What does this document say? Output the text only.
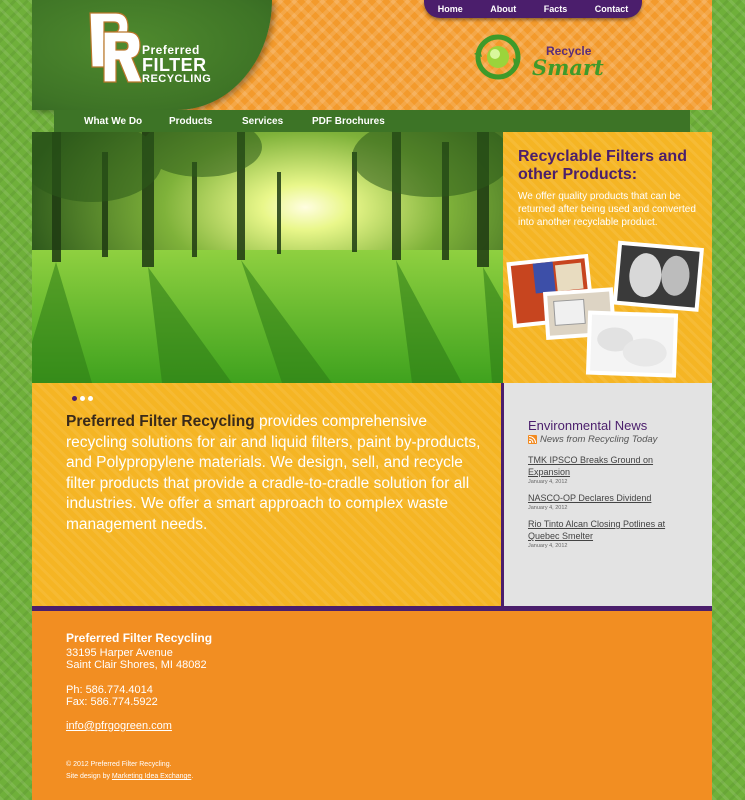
Preferred
FILTER
RECYCLING
Home	About	Facts	Contact
Recycle
Smart
What We Do	Products	Services	PDF Brochures
Recyclable Filters and other Products:
We offer quality products that can be returned after being used and converted into another recyclable product.
Preferred Filter Recycling provides comprehensive recycling solutions for air and liquid filters, paint by-products, and Polypropylene materials. We design, sell, and recycle filter products that provide a cradle-to-cradle solution for all industries. We offer a smart approach to complex waste management needs.
Environmental News
News from Recycling Today
TMK IPSCO Breaks Ground on Expansion
January 4, 2012
NASCO-OP Declares Dividend
January 4, 2012
Rio Tinto Alcan Closing Potlines at Quebec Smelter
January 4, 2012
Preferred Filter Recycling
33195 Harper Avenue
Saint Clair Shores, MI 48082
Ph: 586.774.4014
Fax: 586.774.5922
info@pfrgogreen.com
© 2012 Preferred Filter Recycling.
Site design by Marketing Idea Exchange.
